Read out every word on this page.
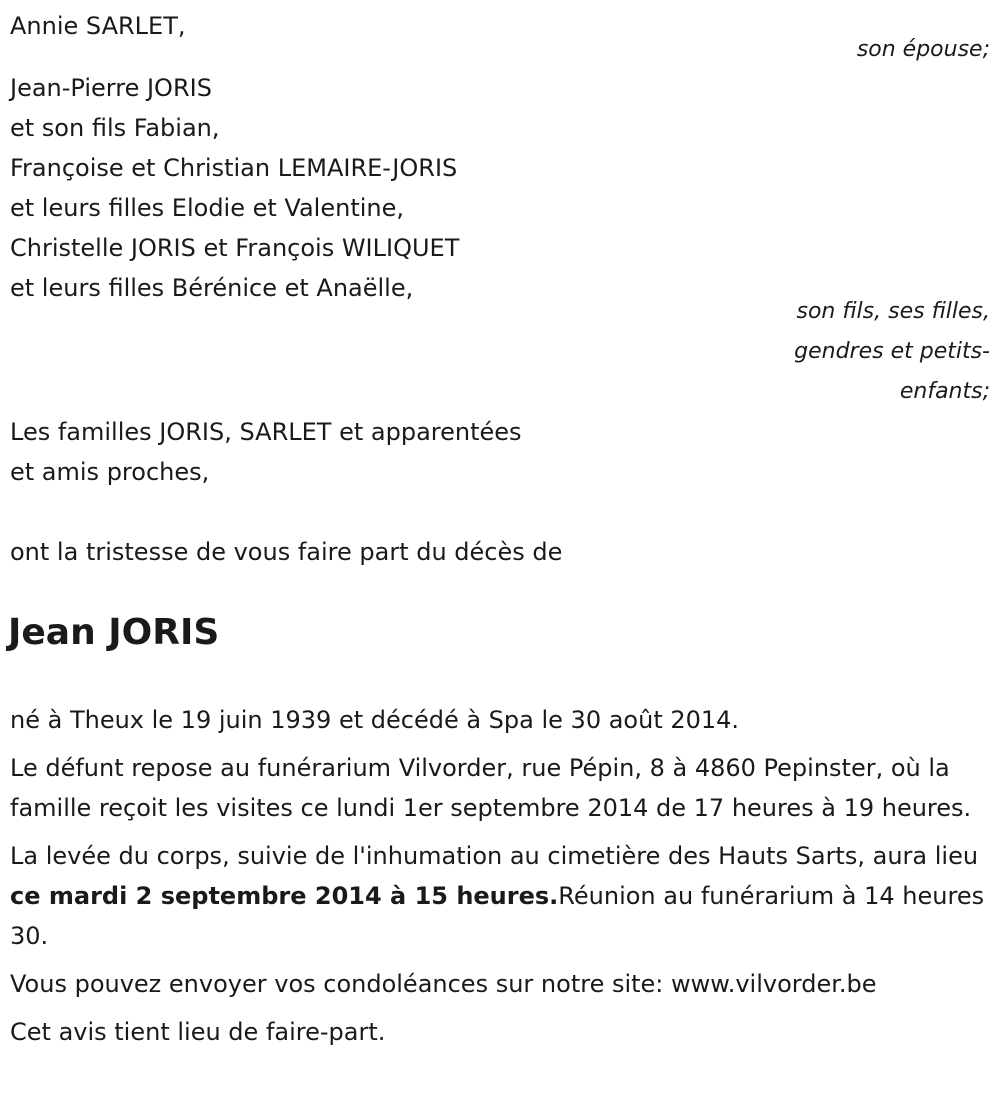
Annie SARLET,
son épouse;
Jean-Pierre JORIS
et son fils Fabian,
Françoise et Christian LEMAIRE-JORIS
et leurs filles Elodie et Valentine,
Christelle JORIS et François WILIQUET
et leurs filles Bérénice et Anaëlle,
son fils, ses filles,
gendres et petits-
enfants;
Les familles JORIS, SARLET et apparentées
et amis proches,
ont la tristesse de vous faire part du décès de
Jean JORIS

né à Theux le 19 juin 1939 et décédé à Spa le 30 août 2014.

Le défunt repose au funérarium Vilvorder, rue Pépin, 8 à 4860 Pepinster, où la famille reçoit les visites ce lundi 1er septembre 2014 de 17 heures à 19 heures.

La levée du corps, suivie de l'inhumation au cimetière des Hauts Sarts, aura lieu ce mardi 2 septembre 2014 à 15 heures.Réunion au funérarium à 14 heures 30.

Vous pouvez envoyer vos condoléances sur notre site: www.vilvorder.be

Cet avis tient lieu de faire-part.
